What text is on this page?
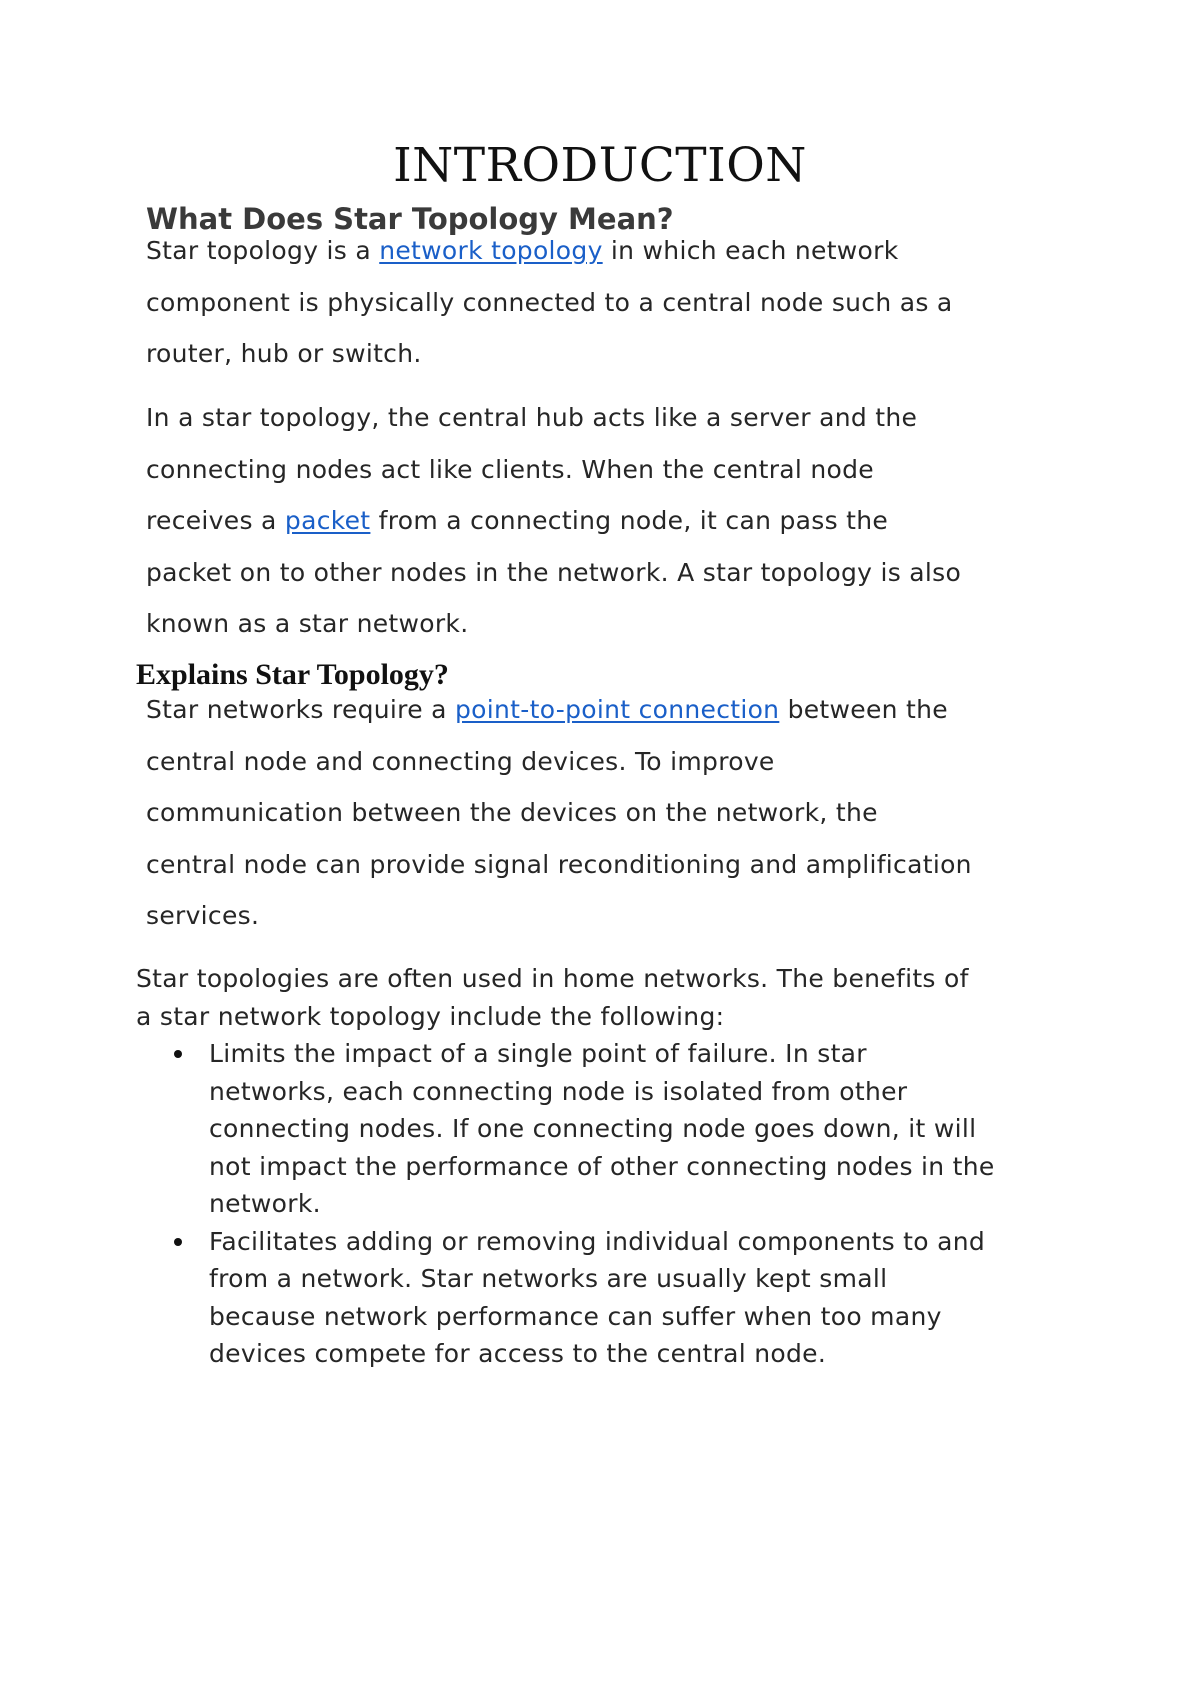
INTRODUCTION
What Does Star Topology Mean?

Star topology is a network topology in which each network
component is physically connected to a central node such as a
router, hub or switch.

In a star topology, the central hub acts like a server and the
connecting nodes act like clients. When the central node
receives a packet from a connecting node, it can pass the
packet on to other nodes in the network. A star topology is also
known as a star network.

Explains Star Topology?

Star networks require a point-to-point connection between the
central node and connecting devices. To improve
communication between the devices on the network, the
central node can provide signal reconditioning and amplification
services.

Star topologies are often used in home networks. The benefits of
a star network topology include the following:

Limits the impact of a single point of failure. In star
networks, each connecting node is isolated from other
connecting nodes. If one connecting node goes down, it will
not impact the performance of other connecting nodes in the
network.
Facilitates adding or removing individual components to and
from a network. Star networks are usually kept small
because network performance can suffer when too many
devices compete for access to the central node.
